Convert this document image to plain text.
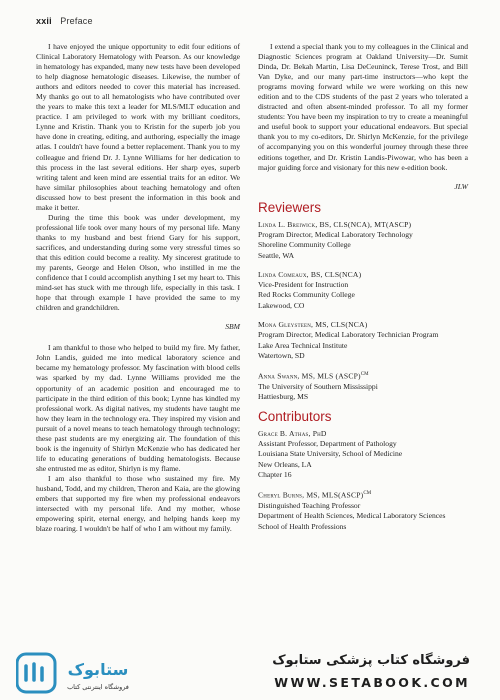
xxii Preface

I have enjoyed the unique opportunity to edit four editions of Clinical Laboratory Hematology with Pearson. As our knowledge in hematology has expanded, many new tests have been developed to help diagnose hematologic diseases. Likewise, the number of authors and editors needed to cover this material has increased. My thanks go out to all hematologists who have contributed over the years to make this text a leader for MLS/MLT education and practice. I am privileged to work with my brilliant coeditors, Lynne and Kristin. Thank you to Kristin for the superb job you have done in creating, editing, and authoring, especially the image atlas. I couldn't have found a better replacement. Thank you to my colleague and friend Dr. J. Lynne Williams for her dedication to this process in the last several editions. Her sharp eyes, superb writing talent and keen mind are essential traits for an editor. We have similar philosophies about teaching hematology and often discussed how to best present the information in this book and make it better.

During the time this book was under development, my professional life took over many hours of my personal life. Many thanks to my husband and best friend Gary for his support, sacrifices, and understanding during some very stressful times so that this edition could become a reality. My sincerest gratitude to my parents, George and Helen Olson, who instilled in me the confidence that I could accomplish anything I set my heart to. This mind-set has stuck with me through life, especially in this task. I hope that through example I have provided the same to my children and grandchildren.

SBM

I am thankful to those who helped to build my fire. My father, John Landis, guided me into medical laboratory science and became my hematology professor. My fascination with blood cells was sparked by my dad. Lynne Williams provided me the opportunity of an academic position and encouraged me to participate in the third edition of this book; Lynne has kindled my professional work. As digital natives, my students have taught me how they learn in the technology era. They inspired my vision and pursuit of a novel means to teach hematology through technology; these past students are my energizing air. The foundation of this book is the ingenuity of Shirlyn McKenzie who has dedicated her life to educating generations of budding hematologists. Because she entrusted me as editor, Shirlyn is my flame.

I am also thankful to those who sustained my fire. My husband, Todd, and my children, Theron and Kaia, are the glowing embers that supported my fire when my professional endeavors intersected with my personal life. And my mother, whose empowering spirit, eternal energy, and helping hands keep my blaze roaring. I wouldn't be half of who I am without my family.

I extend a special thank you to my colleagues in the Clinical and Diagnostic Sciences program at Oakland University—Dr. Sumit Dinda, Dr. Bekah Martin, Lisa DeCeuninck, Terese Trost, and Bill Van Dyke, and our many part-time instructors—who kept the programs moving forward while we were working on this new edition and to the CDS students of the past 2 years who tolerated a distracted and often absent-minded professor. To all my former students: You have been my inspiration to try to create a meaningful and useful book to support your educational endeavors. But special thank you to my co-editors, Dr. Shirlyn McKenzie, for the privilege of accompanying you on this wonderful journey through these three editions together, and Dr. Kristin Landis-Piwowar, who has been a major guiding force and visionary for this new e-edition book.

JLW

Reviewers
Linda L. Breiwick, BS, CLS(NCA), MT(ASCP)
Program Director, Medical Laboratory Technology
Shoreline Community College
Seattle, WA
Linda Comeaux, BS, CLS(NCA)
Vice-President for Instruction
Red Rocks Community College
Lakewood, CO
Mona Gleysteen, MS, CLS(NCA)
Program Director, Medical Laboratory Technician Program
Lake Area Technical Institute
Watertown, SD
Anna Swann, MS, MLS (ASCP)$^{CM}$
The University of Southern Mississippi
Hattiesburg, MS
Contributors
Grace B. Athas, PhD
Assistant Professor, Department of Pathology
Louisiana State University, School of Medicine
New Orleans, LA
Chapter 16
Cheryl Burns, MS, MLS(ASCP)$^{CM}$
Distinguished Teaching Professor
Department of Health Sciences, Medical Laboratory Sciences
School of Health Professions
ستابوک
فروشگاه اینترنتی کتاب
فروشگاه کتاب پزشکی ستابوک
WWW.SETABOOK.COM
